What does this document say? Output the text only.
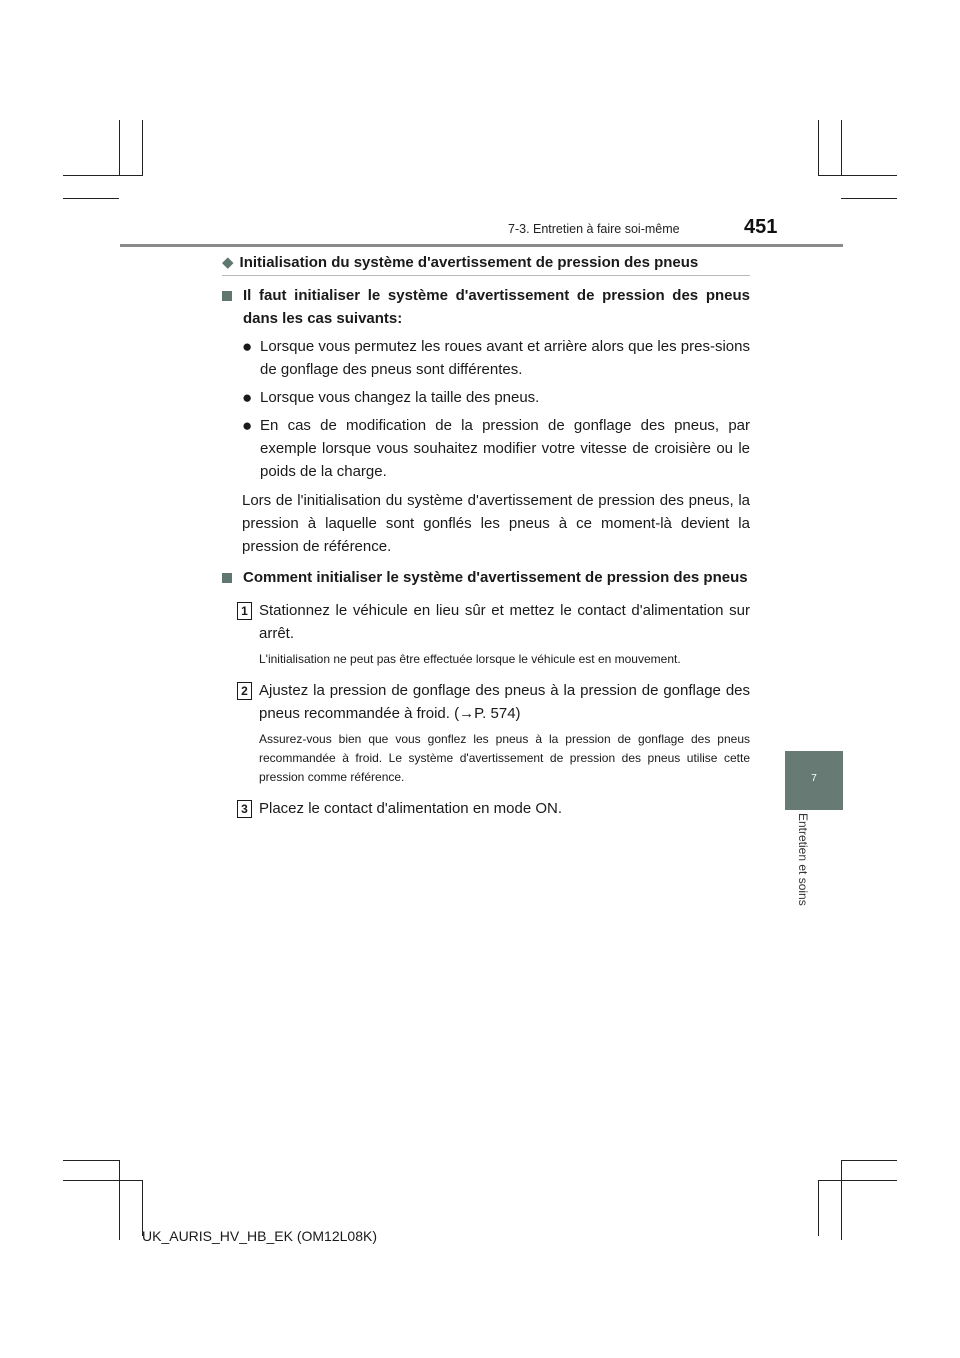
7-3. Entretien à faire soi-même	451
7
Entretien et soins
◆ Initialisation du système d'avertissement de pression des pneus
Il faut initialiser le système d'avertissement de pression des pneus dans les cas suivants:
● Lorsque vous permutez les roues avant et arrière alors que les pres-sions de gonflage des pneus sont différentes.
● Lorsque vous changez la taille des pneus.
● En cas de modification de la pression de gonflage des pneus, par exemple lorsque vous souhaitez modifier votre vitesse de croisière ou le poids de la charge.
Lors de l'initialisation du système d'avertissement de pression des pneus, la pression à laquelle sont gonflés les pneus à ce moment-là devient la pression de référence.
Comment initialiser le système d'avertissement de pression des pneus
1 Stationnez le véhicule en lieu sûr et mettez le contact d'alimentation sur arrêt.
L'initialisation ne peut pas être effectuée lorsque le véhicule est en mouvement.
2 Ajustez la pression de gonflage des pneus à la pression de gonflage des pneus recommandée à froid. (→P. 574)
Assurez-vous bien que vous gonflez les pneus à la pression de gonflage des pneus recommandée à froid. Le système d'avertissement de pression des pneus utilise cette pression comme référence.
3 Placez le contact d'alimentation en mode ON.
UK_AURIS_HV_HB_EK (OM12L08K)
